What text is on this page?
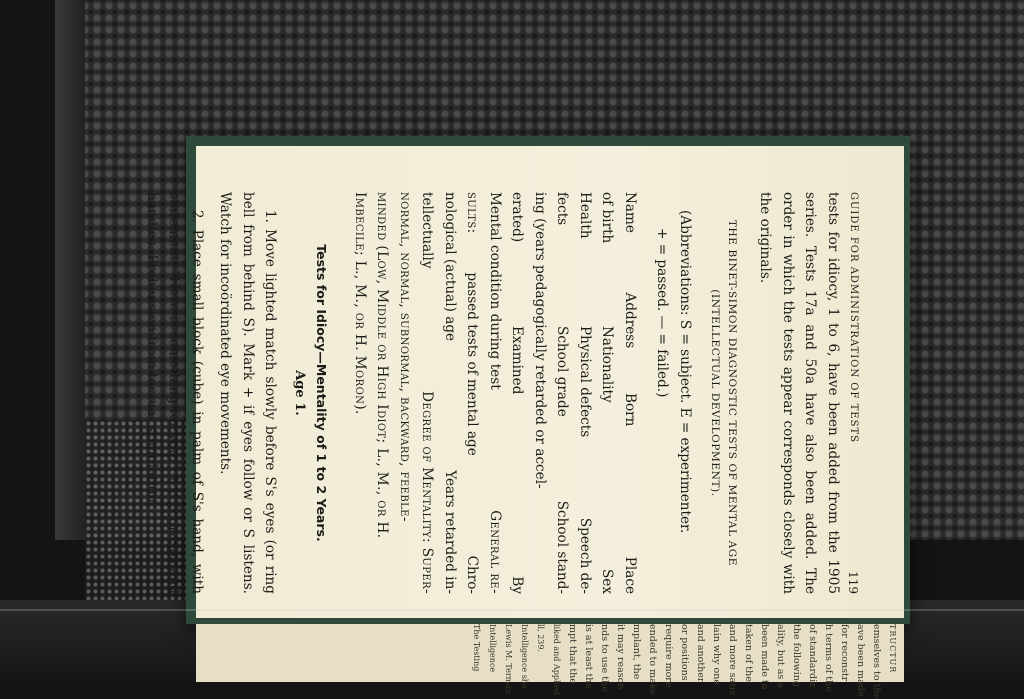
GUIDE FOR ADMINISTRATION OF TESTS
119

tests for idiocy, 1 to 6, have been added from the 1905 series. Tests 17a and 50a have also been added. The order in which the tests appear corresponds closely with the originals.

THE BINET-SIMON DIAGNOSTIC TESTS OF MENTAL AGE
(INTELLECTUAL DEVELOPMENT).
(Abbreviations: S = subject. E = experimenter.
+ = passed. — = failed.)
Name
Address
Born
Place
of birth
Nationality
Sex
Health
Physical defects
Speech de-
fects
School grade
School stand-
ing (years pedagogically retarded or accel-
erated)
Examined
By
Mental condition during test
General re-
sults:
passed tests of mental age
Chro-
nological (actual) age
Years retarded in-
tellectually
Degree of Mentality: Super-
normal, normal, subnormal, backward, feeble-
minded (Low, Middle or High Idiot; L., M., or H.
Imbecile; L., M., or H. Moron).
Tests for Idiocy—Mentality of 1 to 2 Years.
Age 1.

1. Move lighted match slowly before S's eyes (or ring bell from behind S). Mark + if eyes follow or S listens. Watch for incoördinated eye movements.

2. Place small block (cube) in palm of S's hand, with statement, "Here is something for you." + if S grasps and handles. Prehension from tactual stimulation.

TRUCTUR
emselves to the
ave been made
for reconstr
h terms of the
of standardiz
the following
ality, but as a
been made to
taken of the
and more satis
lain why one
and another
or positions
require more
ended to make
mplant, the
it may reason
nds to use the
is at least the
mpt that the
liked and Applied
ll, 239.
Intelligence sho
Lewis M. Terman
Intelligence
The Testing
